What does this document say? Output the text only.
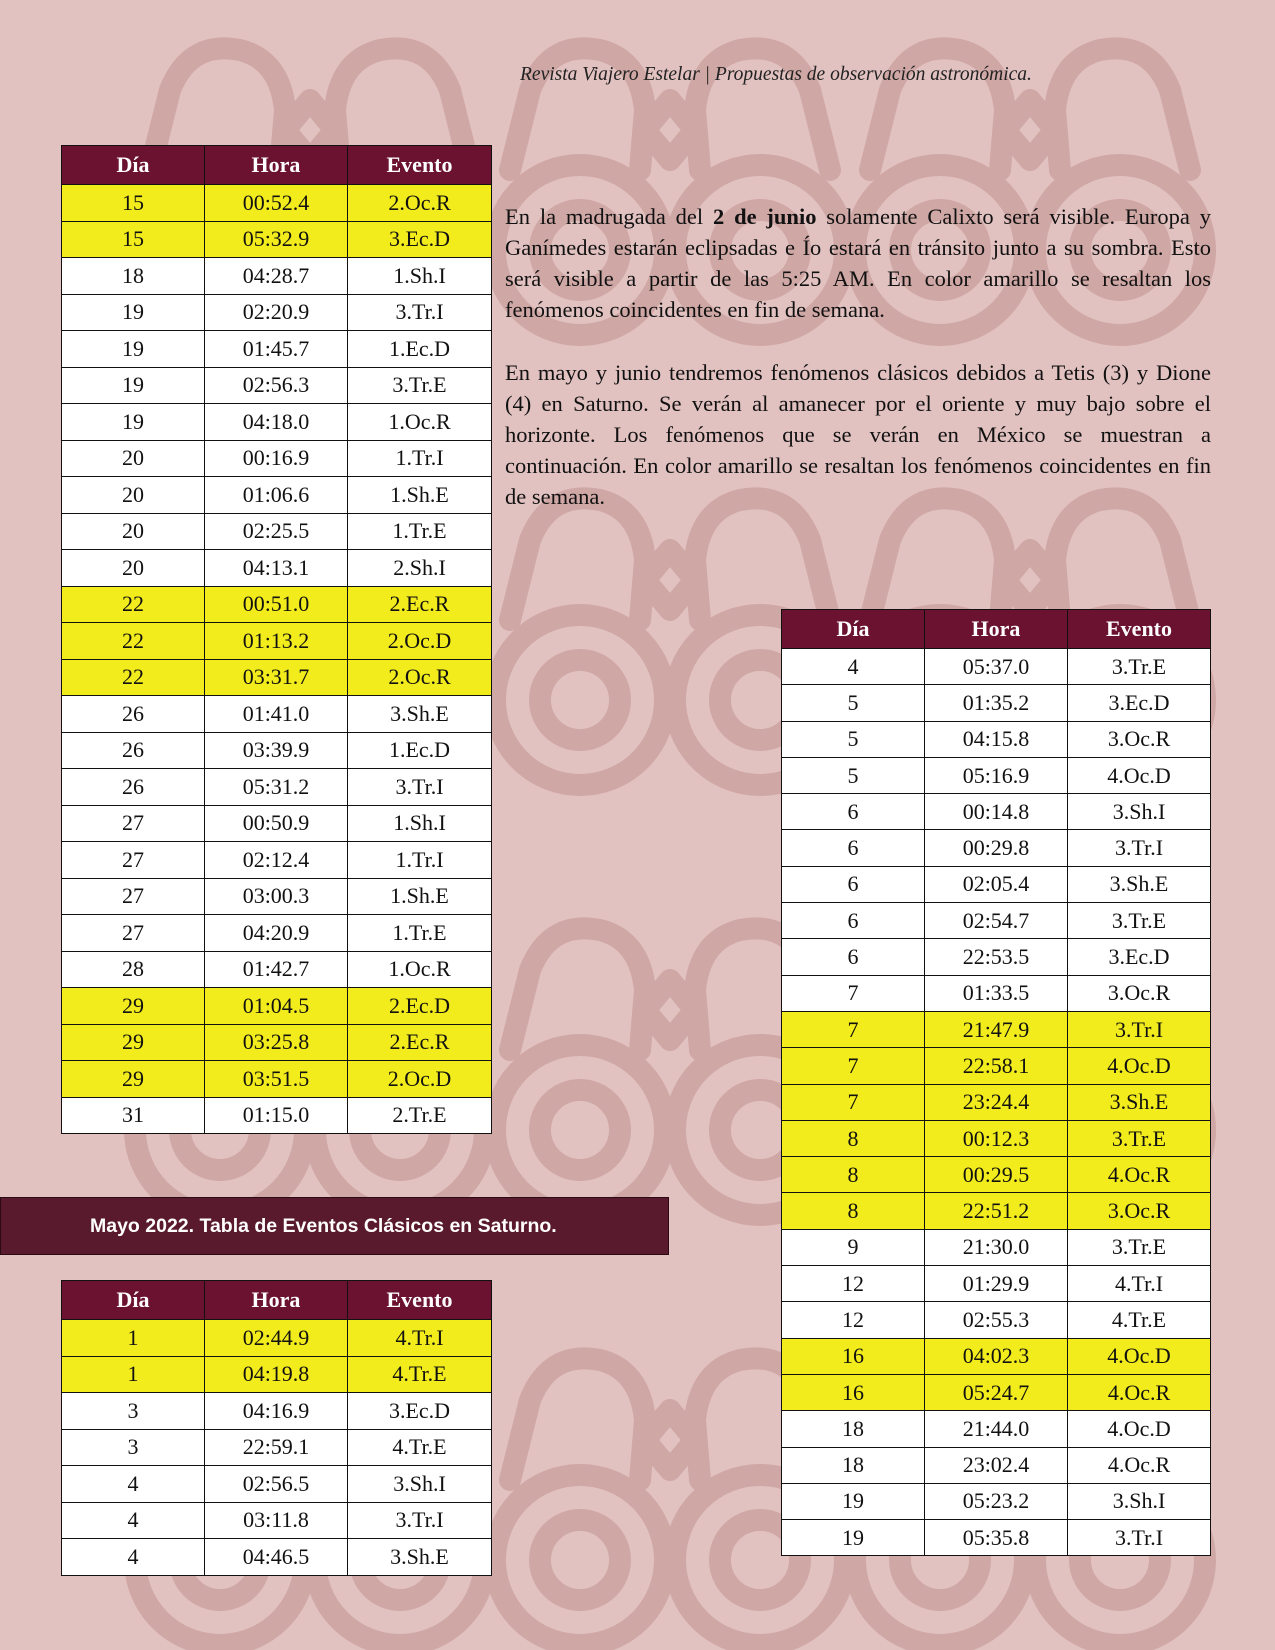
Revista Viajero Estelar | Propuestas de observación astronómica.
Día	Hora	Evento
15	00:52.4	2.Oc.R
15	05:32.9	3.Ec.D
18	04:28.7	1.Sh.I
19	02:20.9	3.Tr.I
19	01:45.7	1.Ec.D
19	02:56.3	3.Tr.E
19	04:18.0	1.Oc.R
20	00:16.9	1.Tr.I
20	01:06.6	1.Sh.E
20	02:25.5	1.Tr.E
20	04:13.1	2.Sh.I
22	00:51.0	2.Ec.R
22	01:13.2	2.Oc.D
22	03:31.7	2.Oc.R
26	01:41.0	3.Sh.E
26	03:39.9	1.Ec.D
26	05:31.2	3.Tr.I
27	00:50.9	1.Sh.I
27	02:12.4	1.Tr.I
27	03:00.3	1.Sh.E
27	04:20.9	1.Tr.E
28	01:42.7	1.Oc.R
29	01:04.5	2.Ec.D
29	03:25.8	2.Ec.R
29	03:51.5	2.Oc.D
31	01:15.0	2.Tr.E

En la madrugada del 2 de junio solamente Calixto será visible. Europa y Ganímedes estarán eclipsadas e Ío estará en tránsito junto a su sombra. Esto será visible a partir de las 5:25 AM. En color amarillo se resaltan los fenómenos coincidentes en fin de semana.

En mayo y junio tendremos fenómenos clásicos debidos a Tetis (3) y Dione (4) en Saturno. Se verán al amanecer por el oriente y muy bajo sobre el horizonte. Los fenómenos que se verán en México se muestran a continuación. En color amarillo se resaltan los fenómenos coincidentes en fin de semana.

Mayo 2022. Tabla de Eventos Clásicos en Saturno.
Día	Hora	Evento
1	02:44.9	4.Tr.I
1	04:19.8	4.Tr.E
3	04:16.9	3.Ec.D
3	22:59.1	4.Tr.E
4	02:56.5	3.Sh.I
4	03:11.8	3.Tr.I
4	04:46.5	3.Sh.E
Día	Hora	Evento
4	05:37.0	3.Tr.E
5	01:35.2	3.Ec.D
5	04:15.8	3.Oc.R
5	05:16.9	4.Oc.D
6	00:14.8	3.Sh.I
6	00:29.8	3.Tr.I
6	02:05.4	3.Sh.E
6	02:54.7	3.Tr.E
6	22:53.5	3.Ec.D
7	01:33.5	3.Oc.R
7	21:47.9	3.Tr.I
7	22:58.1	4.Oc.D
7	23:24.4	3.Sh.E
8	00:12.3	3.Tr.E
8	00:29.5	4.Oc.R
8	22:51.2	3.Oc.R
9	21:30.0	3.Tr.E
12	01:29.9	4.Tr.I
12	02:55.3	4.Tr.E
16	04:02.3	4.Oc.D
16	05:24.7	4.Oc.R
18	21:44.0	4.Oc.D
18	23:02.4	4.Oc.R
19	05:23.2	3.Sh.I
19	05:35.8	3.Tr.I
